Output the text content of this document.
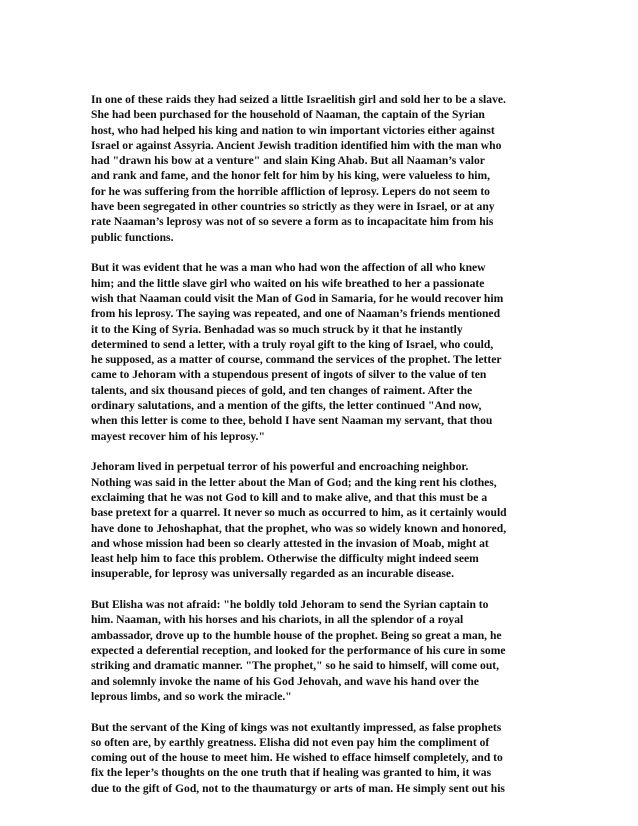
In one of these raids they had seized a little Israelitish girl and sold her to be a slave.
She had been purchased for the household of Naaman, the captain of the Syrian
host, who had helped his king and nation to win important victories either against
Israel or against Assyria. Ancient Jewish tradition identified him with the man who
had "drawn his bow at a venture" and slain King Ahab. But all Naaman’s valor
and rank and fame, and the honor felt for him by his king, were valueless to him,
for he was suffering from the horrible affliction of leprosy. Lepers do not seem to
have been segregated in other countries so strictly as they were in Israel, or at any
rate Naaman’s leprosy was not of so severe a form as to incapacitate him from his
public functions.

But it was evident that he was a man who had won the affection of all who knew
him; and the little slave girl who waited on his wife breathed to her a passionate
wish that Naaman could visit the Man of God in Samaria, for he would recover him
from his leprosy. The saying was repeated, and one of Naaman’s friends mentioned
it to the King of Syria. Benhadad was so much struck by it that he instantly
determined to send a letter, with a truly royal gift to the king of Israel, who could,
he supposed, as a matter of course, command the services of the prophet. The letter
came to Jehoram with a stupendous present of ingots of silver to the value of ten
talents, and six thousand pieces of gold, and ten changes of raiment. After the
ordinary salutations, and a mention of the gifts, the letter continued "And now,
when this letter is come to thee, behold I have sent Naaman my servant, that thou
mayest recover him of his leprosy."

Jehoram lived in perpetual terror of his powerful and encroaching neighbor.
Nothing was said in the letter about the Man of God; and the king rent his clothes,
exclaiming that he was not God to kill and to make alive, and that this must be a
base pretext for a quarrel. It never so much as occurred to him, as it certainly would
have done to Jehoshaphat, that the prophet, who was so widely known and honored,
and whose mission had been so clearly attested in the invasion of Moab, might at
least help him to face this problem. Otherwise the difficulty might indeed seem
insuperable, for leprosy was universally regarded as an incurable disease.

But Elisha was not afraid: "he boldly told Jehoram to send the Syrian captain to
him. Naaman, with his horses and his chariots, in all the splendor of a royal
ambassador, drove up to the humble house of the prophet. Being so great a man, he
expected a deferential reception, and looked for the performance of his cure in some
striking and dramatic manner. "The prophet," so he said to himself, will come out,
and solemnly invoke the name of his God Jehovah, and wave his hand over the
leprous limbs, and so work the miracle."

But the servant of the King of kings was not exultantly impressed, as false prophets
so often are, by earthly greatness. Elisha did not even pay him the compliment of
coming out of the house to meet him. He wished to efface himself completely, and to
fix the leper’s thoughts on the one truth that if healing was granted to him, it was
due to the gift of God, not to the thaumaturgy or arts of man. He simply sent out his
